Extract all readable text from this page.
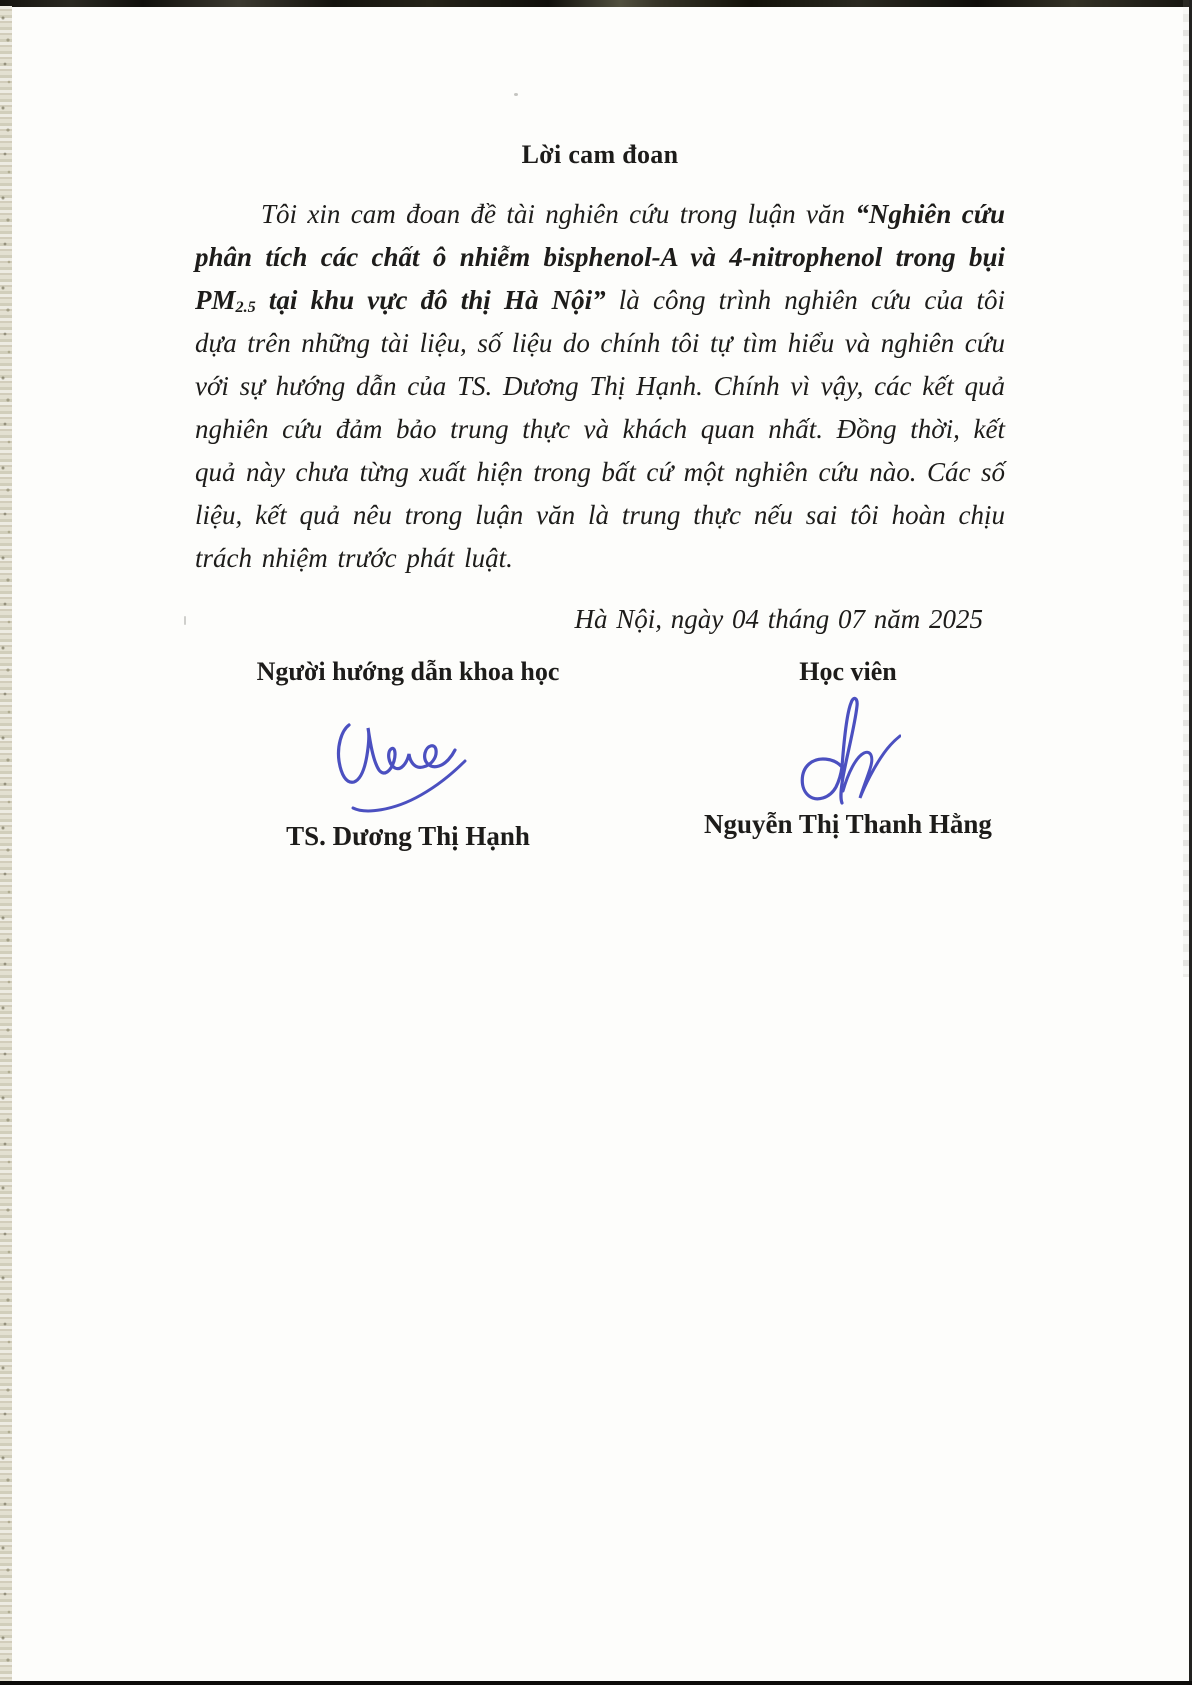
Lời cam đoan

Tôi xin cam đoan đề tài nghiên cứu trong luận văn “Nghiên cứu phân tích các chất ô nhiễm bisphenol-A và 4-nitrophenol trong bụi $PM_{2.5}$ tại khu vực đô thị Hà Nội” là công trình nghiên cứu của tôi dựa trên những tài liệu, số liệu do chính tôi tự tìm hiểu và nghiên cứu với sự hướng dẫn của TS. Dương Thị Hạnh. Chính vì vậy, các kết quả nghiên cứu đảm bảo trung thực và khách quan nhất. Đồng thời, kết quả này chưa từng xuất hiện trong bất cứ một nghiên cứu nào. Các số liệu, kết quả nêu trong luận văn là trung thực nếu sai tôi hoàn chịu trách nhiệm trước phát luật.

Hà Nội, ngày 04 tháng 07 năm 2025
Người hướng dẫn khoa học
TS. Dương Thị Hạnh
Học viên
Nguyễn Thị Thanh Hằng
